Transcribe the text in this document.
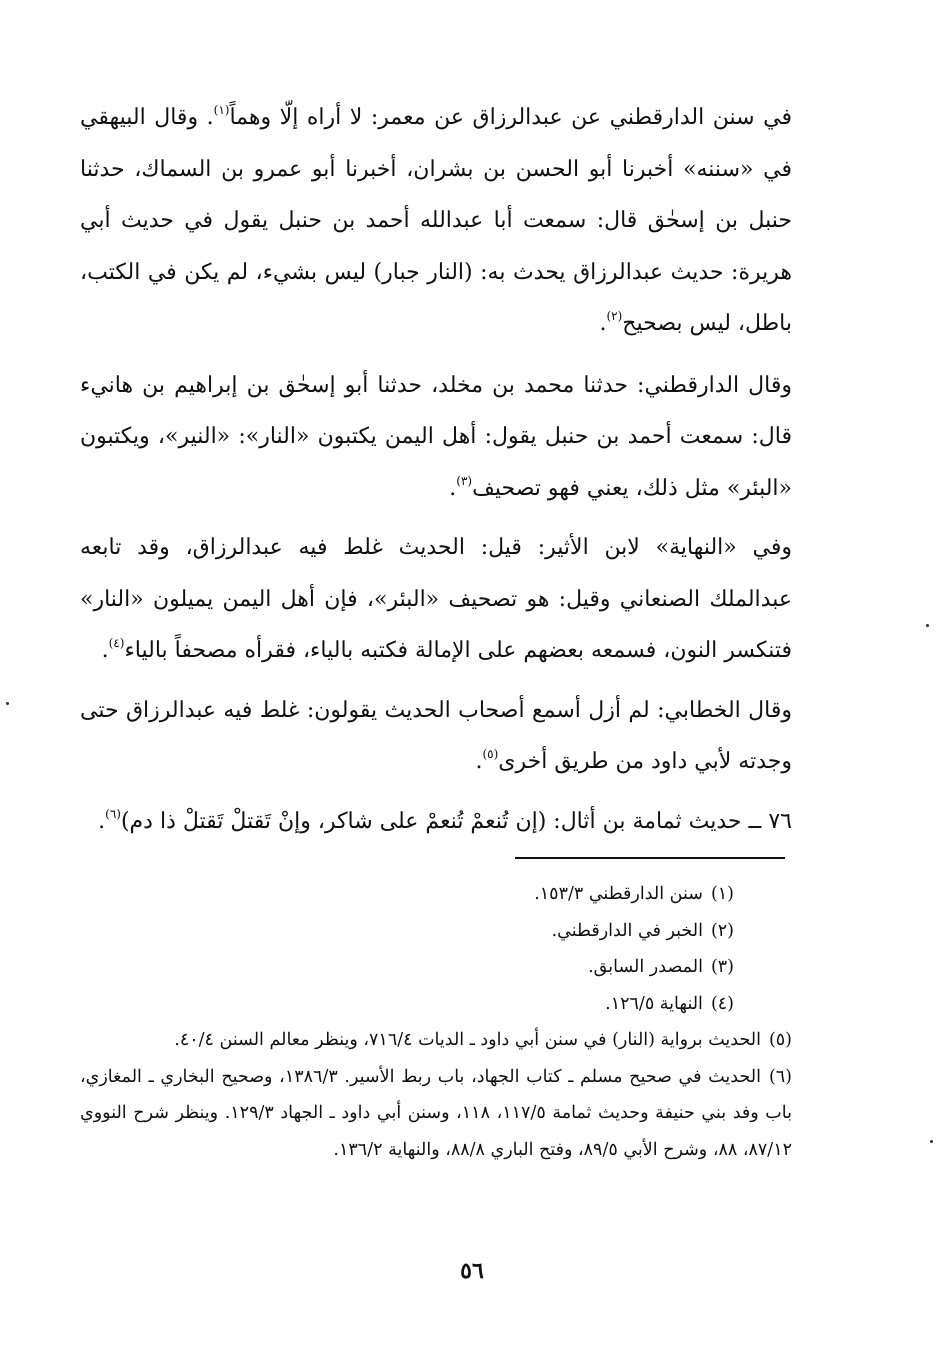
في سنن الدارقطني عن عبدالرزاق عن معمر: لا أراه إلّا وهماً$^{(١)}$. وقال البيهقي في «سننه» أخبرنا أبو الحسن بن بشران، أخبرنا أبو عمرو بن السماك، حدثنا حنبل بن إسحٰق قال: سمعت أبا عبدالله أحمد بن حنبل يقول في حديث أبي هريرة: حديث عبدالرزاق يحدث به: (النار جبار) ليس بشيء، لم يكن في الكتب، باطل، ليس بصحيح$^{(٢)}$.

وقال الدارقطني: حدثنا محمد بن مخلد، حدثنا أبو إسحٰق بن إبراهيم بن هانيء قال: سمعت أحمد بن حنبل يقول: أهل اليمن يكتبون «النار»: «النير»، ويكتبون «البئر» مثل ذلك، يعني فهو تصحيف$^{(٣)}$.

وفي «النهاية» لابن الأثير: قيل: الحديث غلط فيه عبدالرزاق، وقد تابعه عبدالملك الصنعاني وقيل: هو تصحيف «البئر»، فإن أهل اليمن يميلون «النار» فتنكسر النون، فسمعه بعضهم على الإمالة فكتبه بالياء، فقرأه مصحفاً بالياء$^{(٤)}$.

وقال الخطابي: لم أزل أسمع أصحاب الحديث يقولون: غلط فيه عبدالرزاق حتى وجدته لأبي داود من طريق أخرى$^{(٥)}$.

٧٦ ــ حديث ثمامة بن أثال: (إن تُنعمْ تُنعمْ على شاكر، وإنْ تَقتلْ تَقتلْ ذا دم)$^{(٦)}$.

(١)سنن الدارقطني ١٥٣/٣.

(٢)الخبر في الدارقطني.

(٣)المصدر السابق.

(٤)النهاية ١٢٦/٥.

(٥)الحديث برواية (النار) في سنن أبي داود ـ الديات ٧١٦/٤، وينظر معالم السنن ٤٠/٤.

(٦)الحديث في صحيح مسلم ـ كتاب الجهاد، باب ربط الأسير. ١٣٨٦/٣، وصحيح البخاري ـ المغازي، باب وفد بني حنيفة وحديث ثمامة ١١٧/٥، ١١٨، وسنن أبي داود ـ الجهاد ١٢٩/٣. وينظر شرح النووي ٨٧/١٢، ٨٨، وشرح الأبي ٨٩/٥، وفتح الباري ٨٨/٨، والنهاية ١٣٦/٢.

٥٦
